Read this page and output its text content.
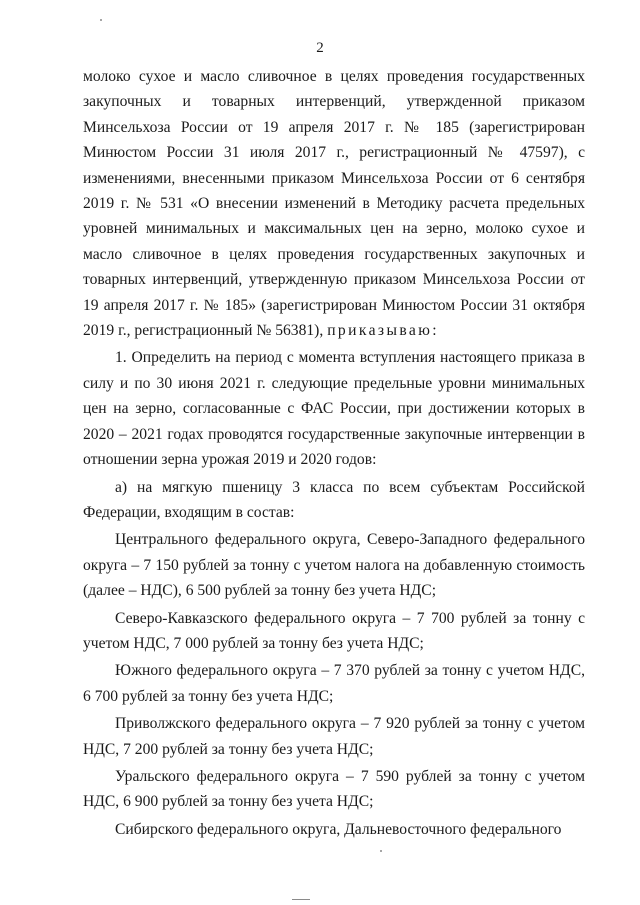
2

молоко сухое и масло сливочное в целях проведения государственных закупочных и товарных интервенций, утвержденной приказом Минсельхоза России от 19 апреля 2017 г. № 185 (зарегистрирован Минюстом России 31 июля 2017 г., регистрационный № 47597), с изменениями, внесенными приказом Минсельхоза России от 6 сентября 2019 г. № 531 «О внесении изменений в Методику расчета предельных уровней минимальных и максимальных цен на зерно, молоко сухое и масло сливочное в целях проведения государственных закупочных и товарных интервенций, утвержденную приказом Минсельхоза России от 19 апреля 2017 г. № 185» (зарегистрирован Минюстом России 31 октября 2019 г., регистрационный № 56381), приказываю:

1. Определить на период с момента вступления настоящего приказа в силу и по 30 июня 2021 г. следующие предельные уровни минимальных цен на зерно, согласованные с ФАС России, при достижении которых в 2020 – 2021 годах проводятся государственные закупочные интервенции в отношении зерна урожая 2019 и 2020 годов:

а) на мягкую пшеницу 3 класса по всем субъектам Российской Федерации, входящим в состав:

Центрального федерального округа, Северо-Западного федерального округа – 7 150 рублей за тонну с учетом налога на добавленную стоимость (далее – НДС), 6 500 рублей за тонну без учета НДС;

Северо-Кавказского федерального округа – 7 700 рублей за тонну с учетом НДС, 7 000 рублей за тонну без учета НДС;

Южного федерального округа – 7 370 рублей за тонну с учетом НДС, 6 700 рублей за тонну без учета НДС;

Приволжского федерального округа – 7 920 рублей за тонну с учетом НДС, 7 200 рублей за тонну без учета НДС;

Уральского федерального округа – 7 590 рублей за тонну с учетом НДС, 6 900 рублей за тонну без учета НДС;

Сибирского федерального округа, Дальневосточного федерального
